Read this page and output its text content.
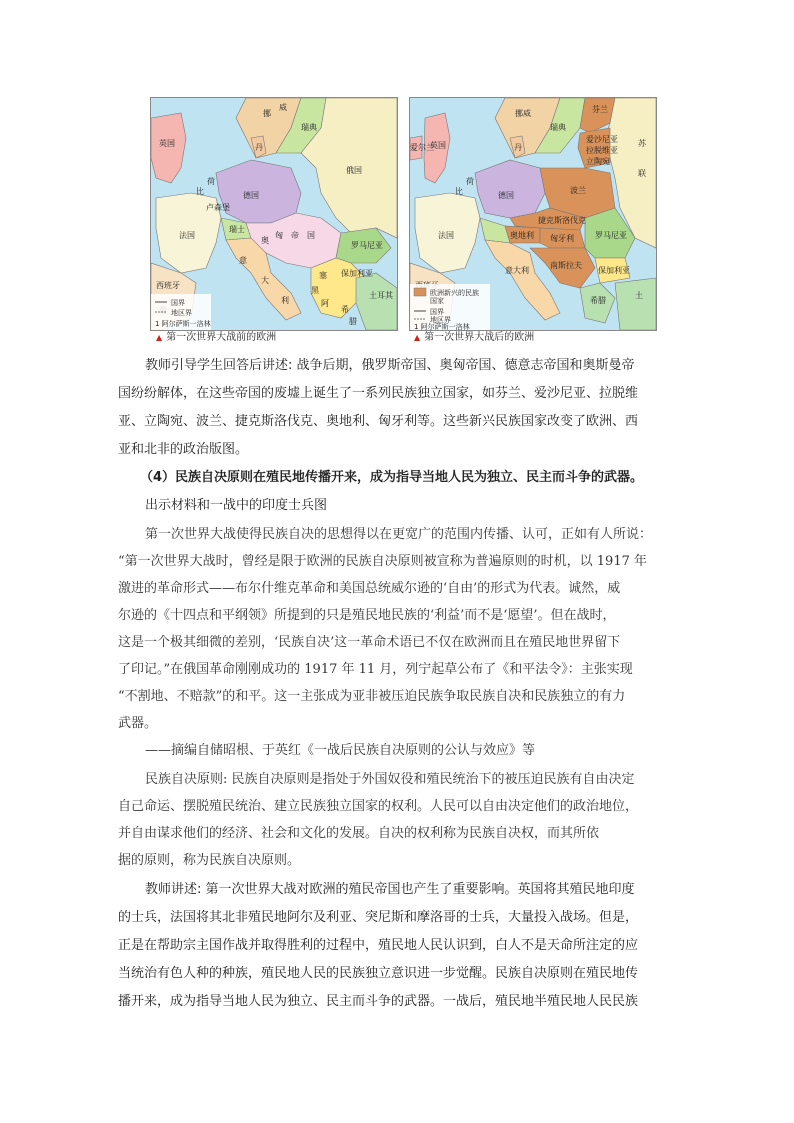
挪
威
瑞典
英国	丹
荷
比	德国
俄国
法国
卢森堡
瑞士
奥
匈 帝 国
罗马尼亚
保加利亚
西班牙
意
大
利
塞
黑
阿
土耳其
希
腊
国界
地区界
1 阿尔萨斯一洛林
▲ 第一次世界大战前的欧洲
芬兰
挪威
瑞典
苏
联
爱尔兰
英国	丹
爱沙尼亚
拉脱维亚
立陶宛
荷
比	德国
波兰
法国
捷克斯洛伐克
奥地利 匈牙利	罗马尼亚
南斯拉夫
保加利亚
意大利
土
希腊
欧洲新兴的民族
国家
国界
地区界
1 阿尔萨斯一洛林
▲ 第一次世界大战后的欧洲
教师引导学生回答后讲述: 战争后期，俄罗斯帝国、奥匈帝国、德意志帝国和奥斯曼帝
国纷纷解体，在这些帝国的废墟上诞生了一系列民族独立国家，如芬兰、爱沙尼亚、拉脱维
亚、立陶宛、波兰、捷克斯洛伐克、奥地利、匈牙利等。这些新兴民族国家改变了欧洲、西
亚和北非的政治版图。
（4）民族自决原则在殖民地传播开来，成为指导当地人民为独立、民主而斗争的武器。
出示材料和一战中的印度士兵图
第一次世界大战使得民族自决的思想得以在更宽广的范围内传播、认可，正如有人所说：
“第一次世界大战时，曾经是限于欧洲的民族自决原则被宣称为普遍原则的时机，以 1917 年
激进的革命形式——布尔什维克革命和美国总统威尔逊的‘自由’的形式为代表。诚然，威
尔逊的《十四点和平纲领》所提到的只是殖民地民族的‘利益’而不是‘愿望’。但在战时，
这是一个极其细微的差别，‘民族自决’这一革命术语已不仅在欧洲而且在殖民地世界留下
了印记。”在俄国革命刚刚成功的 1917 年 11 月，列宁起草公布了《和平法令》：主张实现
“不割地、不赔款”的和平。这一主张成为亚非被压迫民族争取民族自决和民族独立的有力
武器。
——摘编自储昭根、于英红《一战后民族自决原则的公认与效应》等
民族自决原则: 民族自决原则是指处于外国奴役和殖民统治下的被压迫民族有自由决定
自己命运、摆脱殖民统治、建立民族独立国家的权利。人民可以自由决定他们的政治地位，
并自由谋求他们的经济、社会和文化的发展。自决的权利称为民族自决权，而其所依
据的原则，称为民族自决原则。
教师讲述: 第一次世界大战对欧洲的殖民帝国也产生了重要影响。英国将其殖民地印度
的士兵，法国将其北非殖民地阿尔及利亚、突尼斯和摩洛哥的士兵，大量投入战场。但是，
正是在帮助宗主国作战并取得胜利的过程中，殖民地人民认识到，白人不是天命所注定的应
当统治有色人种的种族，殖民地人民的民族独立意识进一步觉醒。民族自决原则在殖民地传
播开来，成为指导当地人民为独立、民主而斗争的武器。一战后，殖民地半殖民地人民民族
